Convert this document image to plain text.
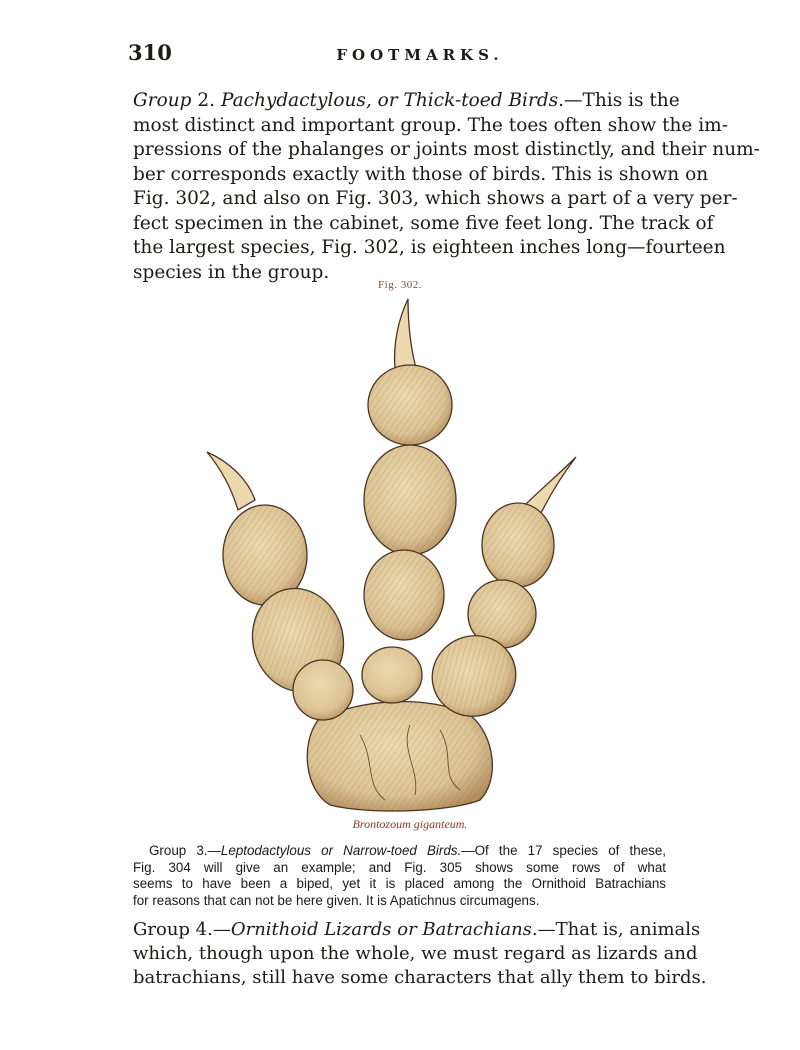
310	FOOTMARKS.
Group 2. Pachydactylous, or Thick-toed Birds.—This is the
most distinct and important group. The toes often show the im-
pressions of the phalanges or joints most distinctly, and their num-
ber corresponds exactly with those of birds. This is shown on
Fig. 302, and also on Fig. 303, which shows a part of a very per-
fect specimen in the cabinet, some five feet long. The track of
the largest species, Fig. 302, is eighteen inches long—fourteen
species in the group.
Fig. 302.
Brontozoum giganteum.
Group 3.—Leptodactylous or Narrow-toed Birds.—Of the 17 species of these,
Fig. 304 will give an example; and Fig. 305 shows some rows of what
seems to have been a biped, yet it is placed among the Ornithoid Batrachians
for reasons that can not be here given. It is Apatichnus circumagens.
Group 4.—Ornithoid Lizards or Batrachians.—That is, animals
which, though upon the whole, we must regard as lizards and
batrachians, still have some characters that ally them to birds.
